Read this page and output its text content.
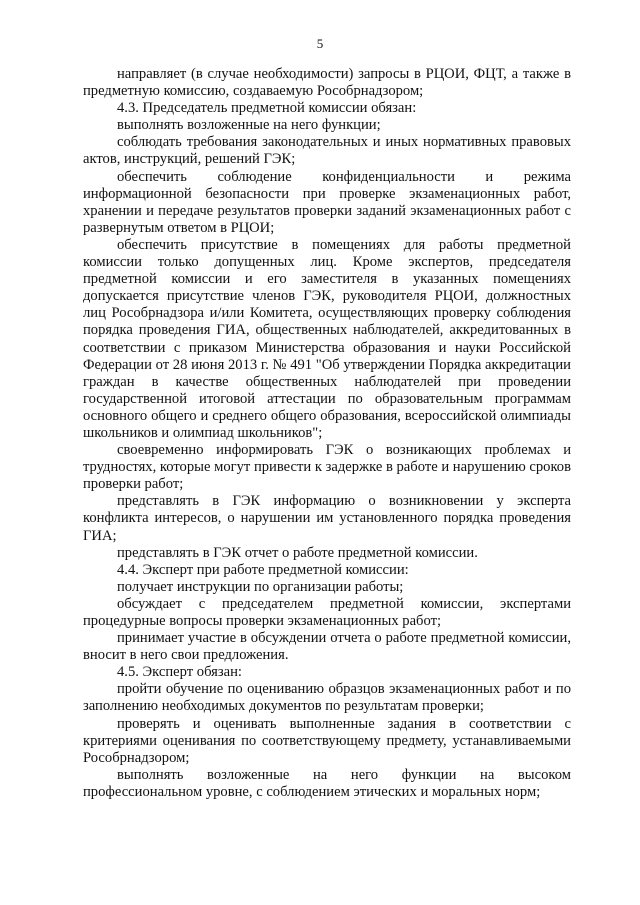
5

направляет (в случае необходимости) запросы в РЦОИ, ФЦТ, а также в предметную комиссию, создаваемую Рособрнадзором;

4.3. Председатель предметной комиссии обязан:

выполнять возложенные на него функции;

соблюдать требования законодательных и иных нормативных правовых актов, инструкций, решений ГЭК;

обеспечить соблюдение конфиденциальности и режима информационной безопасности при проверке экзаменационных работ, хранении и передаче результатов проверки заданий экзаменационных работ с развернутым ответом в РЦОИ;

обеспечить присутствие в помещениях для работы предметной комиссии только допущенных лиц. Кроме экспертов, председателя предметной комиссии и его заместителя в указанных помещениях допускается присутствие членов ГЭК, руководителя РЦОИ, должностных лиц Рособрнадзора и/или Комитета, осуществляющих проверку соблюдения порядка проведения ГИА, общественных наблюдателей, аккредитованных в соответствии с приказом Министерства образования и науки Российской Федерации от 28 июня 2013 г. № 491 "Об утверждении Порядка аккредитации граждан в качестве общественных наблюдателей при проведении государственной итоговой аттестации по образовательным программам основного общего и среднего общего образования, всероссийской олимпиады школьников и олимпиад школьников";

своевременно информировать ГЭК о возникающих проблемах и трудностях, которые могут привести к задержке в работе и нарушению сроков проверки работ;

представлять в ГЭК информацию о возникновении у эксперта конфликта интересов, о нарушении им установленного порядка проведения ГИА;

представлять в ГЭК отчет о работе предметной комиссии.

4.4. Эксперт при работе предметной комиссии:

получает инструкции по организации работы;

обсуждает с председателем предметной комиссии, экспертами процедурные вопросы проверки экзаменационных работ;

принимает участие в обсуждении отчета о работе предметной комиссии, вносит в него свои предложения.

4.5. Эксперт обязан:

пройти обучение по оцениванию образцов экзаменационных работ и по заполнению необходимых документов по результатам проверки;

проверять и оценивать выполненные задания в соответствии с критериями оценивания по соответствующему предмету, устанавливаемыми Рособрнадзором;

выполнять возложенные на него функции на высоком профессиональном уровне, с соблюдением этических и моральных норм;
